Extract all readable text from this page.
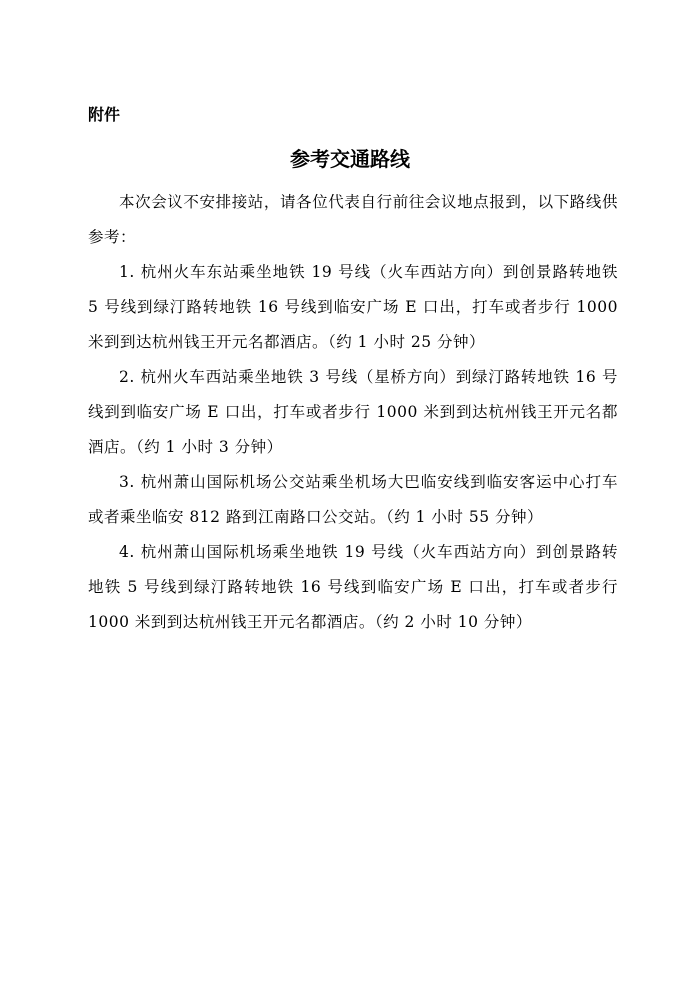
附件
参考交通路线

本次会议不安排接站，请各位代表自行前往会议地点报到，以下路线供参考：

1. 杭州火车东站乘坐地铁 19 号线（火车西站方向）到创景路转地铁 5 号线到绿汀路转地铁 16 号线到临安广场 E 口出，打车或者步行 1000 米到到达杭州钱王开元名都酒店。（约 1 小时 25 分钟）

2. 杭州火车西站乘坐地铁 3 号线（星桥方向）到绿汀路转地铁 16 号线到到临安广场 E 口出，打车或者步行 1000 米到到达杭州钱王开元名都酒店。（约 1 小时 3 分钟）

3. 杭州萧山国际机场公交站乘坐机场大巴临安线到临安客运中心打车或者乘坐临安 812 路到江南路口公交站。（约 1 小时 55 分钟）

4. 杭州萧山国际机场乘坐地铁 19 号线（火车西站方向）到创景路转地铁 5 号线到绿汀路转地铁 16 号线到临安广场 E 口出，打车或者步行 1000 米到到达杭州钱王开元名都酒店。（约 2 小时 10 分钟）
